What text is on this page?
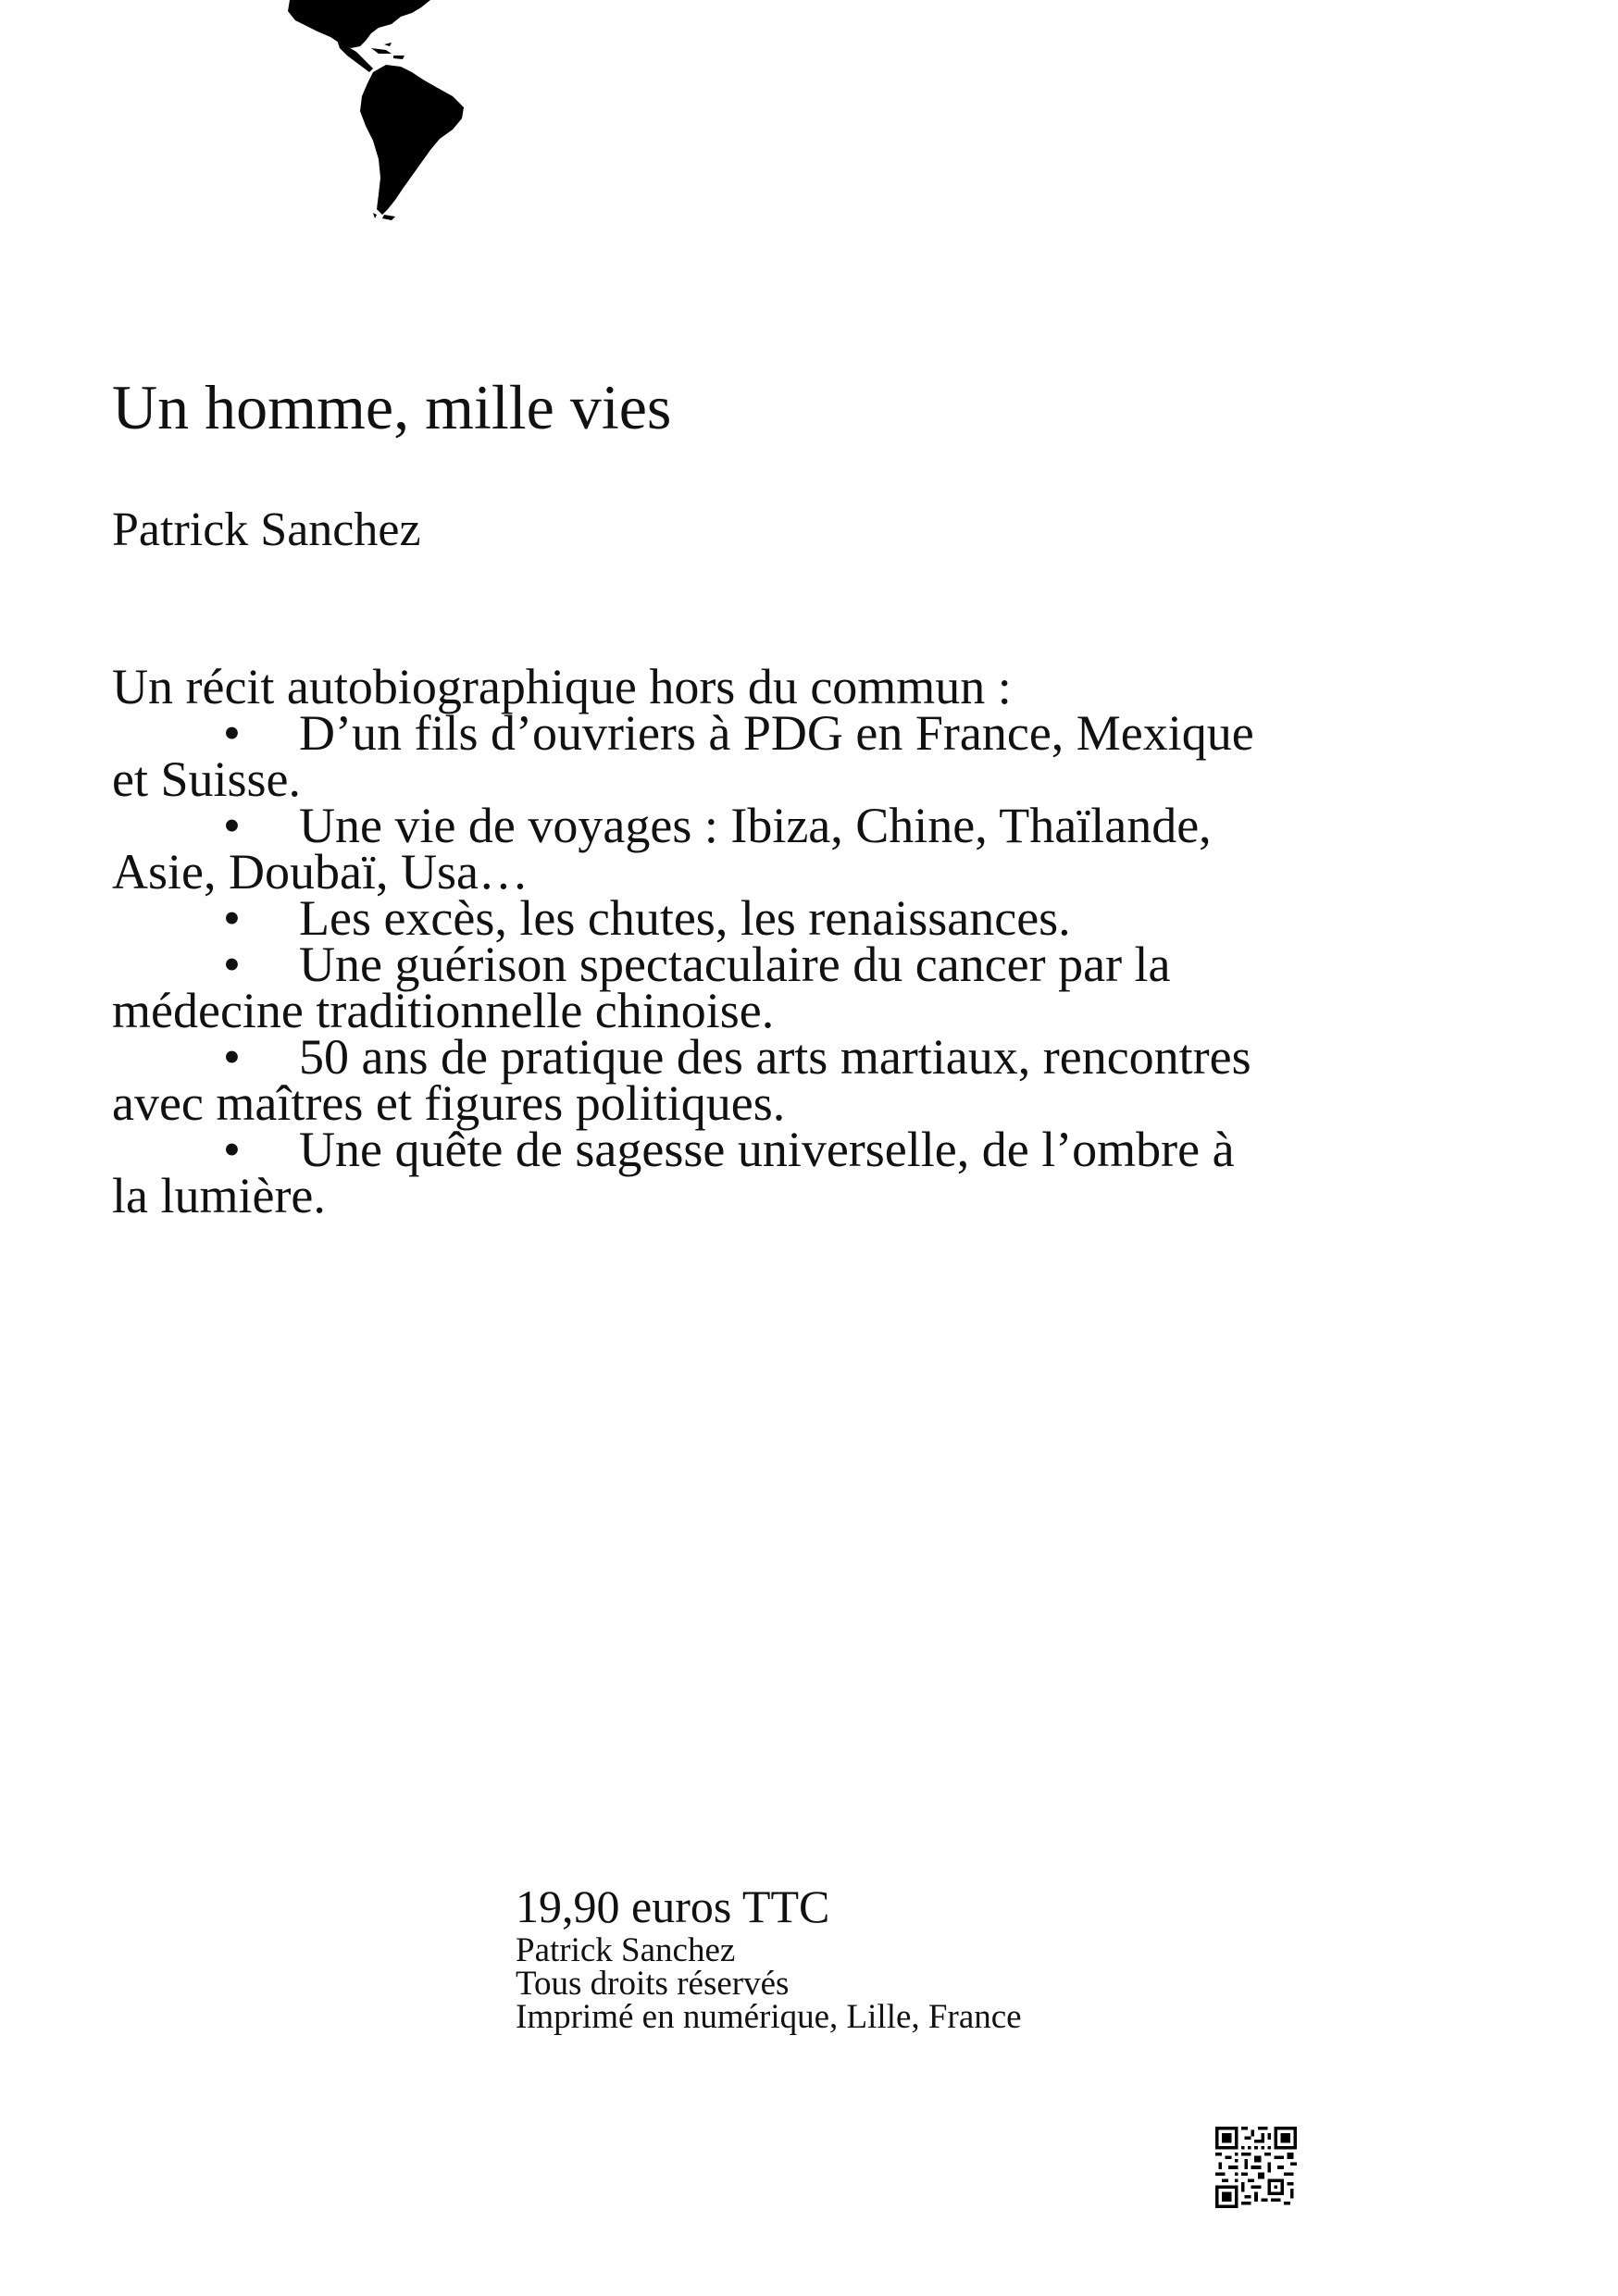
Un homme, mille vies

Patrick Sanchez

Un récit autobiographique hors du commun :
• D’un fils d’ouvriers à PDG en France, Mexique et Suisse.
• Une vie de voyages : Ibiza, Chine, Thaïlande, Asie, Doubaï, Usa…
• Les excès, les chutes, les renaissances.
• Une guérison spectaculaire du cancer par la médecine traditionnelle chinoise.
• 50 ans de pratique des arts martiaux, rencontres avec maîtres et figures politiques.
• Une quête de sagesse universelle, de l’ombre à la lumière.
19,90 euros TTC
Patrick Sanchez
Tous droits réservés
Imprimé en numérique, Lille, France
